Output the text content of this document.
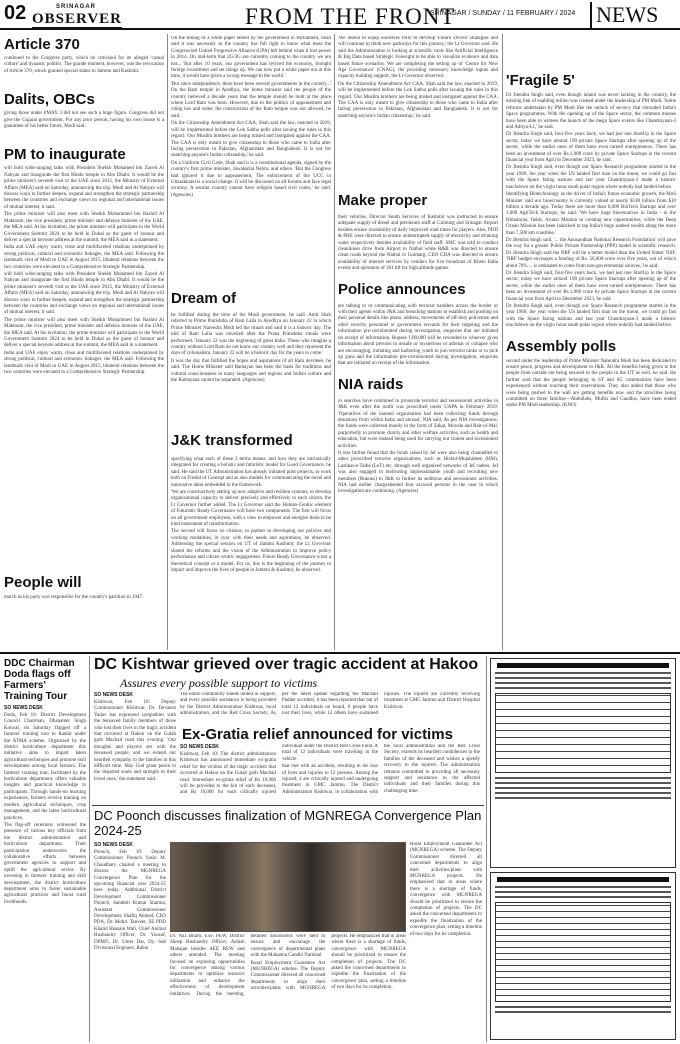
02	SRINAGAR
OBSERVER	FROM THE FRONT
SRINAGAR / SUNDAY / 11 FEBRUARY / 2024 NEWS
Article 370

continued to the Congress party, which he criticised for its alleged 'casual culture' and dynastic politics. The grande moment, however, was the revocation of Article 370, which granted special status to Jammu and Kashmir.

Dalits, OBCs

giving those under PMAY, I did not see such a huge figure. Congress did not give the Gujarat government. For any poor person, having his own house is a guarantee of his better future, Modi said.

PM to inaugurate

will hold wide-ranging talks with President Sheikh Mohamed bin Zayed Al Nahyan and inaugurate the first Hindu temple in Abu Dhabi. It would be the prime minister's seventh visit to the UAE since 2015, the Ministry of External Affairs (MEA) said on Saturday, announcing the trip. Modi and Al Nahyan will discuss ways to further deepen, expand and strengthen the strategic partnership between the countries and exchange views on regional and international issues of mutual interest, it said.

The prime minister will also meet with Sheikh Mohammed bin Rashid Al Maktoum, the vice president, prime minister and defence minister of the UAE, the MEA said. At his invitation, the prime minister will participate in the World Government Summit 2024 to be held in Dubai as the guest of honour and deliver a special keynote address at the summit, the MEA said in a statement.

India and UAE enjoy warm, close and multifaceted relations underpinned by strong political, cultural and economic linkages, the MEA said. Following the landmark visit of Modi to UAE in August 2015, bilateral relations between the two countries were elevated to a Comprehensive Strategic Partnership.

will hold wide-ranging talks with President Sheikh Mohamed bin Zayed Al Nahyan and inaugurate the first Hindu temple in Abu Dhabi. It would be the prime minister's seventh visit to the UAE since 2015, the Ministry of External Affairs (MEA) said on Saturday, announcing the trip. Modi and Al Nahyan will discuss ways to further deepen, expand and strengthen the strategic partnership between the countries and exchange views on regional and international issues of mutual interest, it said.

The prime minister will also meet with Sheikh Mohammed bin Rashid Al Maktoum, the vice president, prime minister and defence minister of the UAE, the MEA said. At his invitation, the prime minister will participate in the World Government Summit 2024 to be held in Dubai as the guest of honour and deliver a special keynote address at the summit, the MEA said in a statement.

India and UAE enjoy warm, close and multifaceted relations underpinned by strong political, cultural and economic linkages, the MEA said. Following the landmark visit of Modi to UAE in August 2015, bilateral relations between the two countries were elevated to a Comprehensive Strategic Partnership.

People will

march as his party was responsible for the country's partition in 1947.

On the timing of a white paper tabled by the government in Parliament, Shah said it was necessary as the country has full right to know what mess the Congress-led United Progressive Alliance (UPA) left behind when it lost power in 2014. On mid-term that 2G/3G are currently coming to the country we are not... 'But after 10 years, our government has revived the economy, brought foreign investment and set things up. We can now put a white paper out at this time, it would have given a wrong message to the world.'

'But since independence, there have been several governments in the country...' On the Ram temple in Ayodhya, the home minister said the people of the country believed a decade years that the temple should be built at the place where Lord Ram was born. However, due to the politics of appeasement and citing law and order, the construction of the Ram temple was not allowed, he said.

On the Citizenship Amendment Act CAA, Shah said the law, enacted in 2019, will be implemented before the Lok Sabha polls after issuing the rules in this regard. 'Our Muslim brothers are being misled and instigated against the CAA. The CAA is only meant to give citizenship to those who came to India after facing persecution in Pakistan, Afghanistan and Bangladesh. It is not for snatching anyone's Indian citizenship,' he said.

On a Uniform Civil Code, Shah said it is a constitutional agenda, signed by the country's first prime minister, Jawaharlal Nehru, and others. 'But the Congress had ignored it due to appeasement. The enforcement of the UCC in Uttarakhand is a social change. It will be discussed on all forums and face legal scrutiny. A secular country cannot have religion based civil codes,' he said. (Agencies)

'We intend to equip ourselves fully to develop 'Future Driven' strategies and will continue to think new pathways for this journey,' the Lt Governor said. He said the Administration is looking at scientific tools like Artificial Intelligence & Big Data based Strategic Foresight to be able to visualize evidence and data based future scenarios. We are completing the setting up of 'Centre for New Age Governance' (CNAG), the providing necessary knowledge inputs and capacity building support, the Lt Governor observed.

On the Citizenship Amendment Act CAA, Shah said the law, enacted in 2019, will be implemented before the Lok Sabha polls after issuing the rules in this regard. 'Our Muslim brothers are being misled and instigated against the CAA. The CAA is only meant to give citizenship to those who came to India after facing persecution in Pakistan, Afghanistan and Bangladesh. It is not for snatching anyone's Indian citizenship,' he said.

Dream of

be fulfilled during the time of the Modi government, he said. Amit Shah referred to Prime Pratishtha of Ram Lalla in Ayodhya on January 22 in which Prime Minister Narendra Modi led the rituals and said it is a historic day. The idol of Ram Lalla was unveiled after the Prana Pratishtha rituals were performed. 'January 22 was the beginning of great India. Those who imagine a country without Lord Ram do not know our country well and they represent the days of colonialism. January 22 will be a historic day for the years to come.'

It was the day that fulfilled the hopes and aspirations of all Ram devotees, he said. The Home Minister said Ramayan has been the basis for traditions and cultural consciousness in many languages and regions and India's culture and the Ramayana cannot be separated. (Agencies)

J&K transformed

specifying what each of these 3 terms means, and how they are intrinsically integrated for creating a holistic and futuristic model for Good Governance, he said. He said the UT Administration has already initiated pilot projects, to work both on Freshd of Concept and as also models for communicating the novel and innovative ideas embedded in the framework.

'We are constructively setting up new adaptive and resilient systems, to develop organizational capacity to deliver precisely and effectively to each citizen, the Lt Governor further added. The Lt Governor said the Human-Centric element of Futuristic Ready Governance will have two components. The first will focus on all government employees, with a view to empower and energise them to be kind instrument of transformation.

The second will focus on citizens, to partner in developing our policies and working modalities, in sync with their needs and aspirations, he observed. Addressing the special session on UT of Jammu Kashmir, the Lt Governor shared the reforms and the vision of the Administration to improve policy performance and citizen centric engagement. Future Ready Governance is not a theoretical concept or a model. For us, this is the beginning of the journey to impact and improve the lives of people in Jammu & Kashmir, he observed.

Make proper

their vehicles. Director South Services of Kashmir was instructed to ensure adequate supply of diesel and petroleum stuff at Gulmarg and Srinagar Airport besides ensure availability of daily improved road times for players. Also, PDD & PHE were directed to ensure uninterrupted supply of electricity and drinking water respectively besides availability of field staff. SMC was told to conduct cleanliness drive from Airport to Nathul while R&B was directed to ensure clean roads beyond the Nathul to Gulmarg. CEO GDA was directed to ensure availability of internet services by vendors for live broadcast of Khelo India events and operation of 181 lift for high altitude games.

Police announces

are talking to or communicating with terrorist handlers across the border or with their agents within J&K and breaching stations to establish and pushing on their personal details like photo, address, movements of off-duty policemen and other security personnel or government servants for their targeting and the information pre-corroborated during investigation, enquiries that are initiated on receipt of information. Rupees 1,00,000 will be rewarded to whoever gives information about persons in unsafe or mysterious or adrenal or collapse who are encouraging, initiating and harboring youth to join terrorist ranks or to pick up guns and the information pre-corroborated during investigation, enquiries that are initiated on receipt of the information.

NIA raids

in searches have continued to prosecute terrorist and secessionist activities in J&K even after the outfit was proscribed under UAPA in February 2019. 'Operatives of the banned organisation had been collecting funds through donations from within India and abroad,' NIA said. As per NIA investigations, the funds were collected mainly in the form of Zakat, Mowda and Bait-ul-Mal, purportedly to promote charity and other welfare activities, such as health and education, but were instead being used for carrying out violent and secessionist activities.

It was further found that the funds raised by JeI were also being channelled to other proscribed terrorist organizations, such as Hizbul-Mujahideen (HM), Lashkar-e-Taiba (LeT) etc, through well organized networks of JeI cadres. JeI was also engaged in motivating impressionable youth and recruiting new members (Rukuns) in J&K to further its seditious and secessionist activities. NIA had earlier chargesheeted four accused persons in the case in which investigation are continuing. (Agencies)

'Fragile 5'

Dr Jitendra Singh said, even though inland was never lacking in the country, the missing link of enabling milieu was created under the leadership of PM Modi. 'Some reforms undertaken by PM Modi like the unlock of secrecy that shrouded India's Space programmes. With the opening up of the Space sector, the common masses have been able to witness the launch of the mega Space events like Chandrayaan-3 and Aditya-L1,' he said.

Dr Jitendra Singh said, four-five years back, we had just one StartUp in the Space sector, today we have around 190 private Space Startups after opening up of the sector, while the earlier ones of them have even turned entrepreneurs. There has been an investment of over Rs.1,000 crore by private Space Startups in the current financial year from April to December 2023, he said.

Dr Jitendra Singh said, even though our Space Research programme started in the year 1969, the year when the US landed first man on the moon, we could go fast with the Space faring nations and last year Chandrayaan-3 made a historic touchdown on the virgin lunar south polar region where nobody had landed before.

Identifying Biotechnology as the driver of India's future economic growth, the MoS Minister said our bioeconomy is currently valued at nearly $140 billion from $10 billion a decade ago. Today there are more than 6,000 BioTech Startups and over 3,000 AgriTech Startups, he said. 'We have huge bioresources in India - in the Himalayas, fields, Arunai Mission to creating new opportunities, while the Deep Ocean Mission has been launched to tap India's huge seabed wealth along the more than 7,500 km coastline.'

Dr Jitendra Singh said, '... the Anusandhan National Research Foundation' will pave the way for a greater Public Private Partnership (PPP) model in scientific research. Dr Jitendra Singh said the NRF will be a better model than the United States' NSF. 'NRF budget envisages a funding of Rs. 50,000 crore over five years, out of which about 70% ... is estimated to come from non-governmental sources,' he said.

Dr Jitendra Singh said, four-five years back, we had just one StartUp in the Space sector, today we have around 190 private Space Startups after opening up of the sector, while the earlier ones of them have even turned entrepreneurs. There has been an investment of over Rs.1,000 crore by private Space Startups in the current financial year from April to December 2023, he said.

Dr Jitendra Singh said, even though our Space Research programme started in the year 1969, the year when the US landed first man on the moon, we could go fast with the Space faring nations and last year Chandrayaan-3 made a historic touchdown on the virgin lunar south polar region where nobody had landed before.

Assembly polls

second under the leadership of Prime Minister Narendra Modi has been dedicated to ensure peace, progress and development in J&K. All the benefits being given to the people from outside are being ensured to the people in the UT as well, he said. He further said that the people belonging to ST and SC communities have been experienced without touching their reservations. They also added that those who were being pushed to the wall are getting benefits now and the atrocities being committed on three families—Abdullahs, Muftis and Gandhis, have been ended under PM Modi leadership. (KNO)

DDC Chairman Doda flags off Farmers' Training Tour
SO NEWS DESK

Doda, Feb 10: District Development Council Chairman, Dhananter Singh Kotwal, on Saturday flagged off a farmers' training tour to Ranbir under the ATMA scheme. Organized by the district horticulture department this initiative aims to impart latest agricultural techniques and promote skill development among local farmers. The farmers' training tour, facilitated by the horticulture department, offers valuable insights and practical knowledge to participants. Through hands-on learning experiences, farmers receive training on modern agricultural techniques, crop management, and the latest horticultural practices.

The flag-off ceremony witnessed the presence of various key officials from the district administration and horticulture department. Their participation underscores the collaborative efforts between government agencies to support and uplift the agricultural sector. By investing in farmers' training and skill development, the district horticulture department aims to foster sustainable agricultural practices and boost rural livelihoods.

DC Kishtwar grieved over tragic accident at Hakoo
Assures every possible support to victims
SO NEWS DESK

Kishtwar, Feb 10: Deputy Commissioner Kishtwar, Dr. Devansh Yadav has expressed sympathies with the bereaved family members of those who lost their lives in the tragic accident that occurred at Hakoo on the Gulab garh Machail road this evening. 'Our thoughts and prayers are with the deceased people, and we extend our heartfelt sympathy to the families in this difficult time. May God grant peace to the departed souls and strength to their loved ones,' the statement said.

The entire community stands united in support, and every possible assistance is being provided by the District Administration Kishtwar, local administration, and the Red Cross Society. As per the latest update regarding the Machail Padder accident, it has been reported that out of total 12 individuals on board, 6 people have lost their lives, while 12 others have sustained injuries. The injured are currently receiving treatment at GMC Jammu and District Hospital Kishtwar.

Ex-Gratia relief announced for victims
SO NEWS DESK

Kishtwar, Feb 10: The district administration Kishtwar has announced immediate ex-gratia relief for the victims of the tragic accident that occurred at Hakoo on the Gulab garh Machail road. Immediate ex-gratia relief of Rs 10,000 will be provided to the kin of each deceased, and Rs 10,000 for each critically injured individual under the District Red Cross Fund. A total of 12 individuals were traveling in the vehicle

that met with an accident, resulting in the loss of lives and injuries to 12 persons. Among the injured, 4 are critically injured and undergoing treatment in GMC Jammu. The District Administration Kishtwar, in collaboration with the local administration and the Red Cross Society, extends its heartfelt condolences to the families of the deceased and wishes a speedy recovery to the injured. The administration remains committed to providing all necessary support and assistance to the affected individuals and their families during this challenging time.

DC Poonch discusses finalization of MGNREGA Convergence Plan 2024-25
SO NEWS DESK

Poonch, Feb 10: Deputy Commissioner Poonch Yasin M. Choudhary chaired a meeting to discuss the MGNREGA Convergence Plan for the upcoming financial year 2024-25 here today. Additional District Development Commissioner Poonch, Sandesh Kumar Sharma, Assistant Commissioner Development, Shafiq Ahmed, CEO PDA, Dr. Mohd. Tanveer, SE PDD Khalid Hussain Wali, Chief Animal Husbandry Officer, Dr. Yousuf, DPMO, Dr. Umer Dar, Dy. Sub Divisional Engineer, Rabia

Dr. Naz Bharti, Exe. PEW, District Sheep Husbandry Officer, Ashish Mahajan besides AEE REW and others attended. The meeting focused on exploring opportunities for convergence among various departments to optimize resource utilization and enhance the effectiveness of development initiatives. During the meeting, detailed discussions were held to ensure and encourage the convergence of departmental plans with the Mahatma Gandhi National

Rural Employment Guarantee Act (MGNREGA) scheme. The Deputy Commissioner directed all concerned departments to align their activities/plans with MGNREGA projects. He emphasized that in areas where there is a shortage of funds, convergence with MGNREGA should be prioritized to ensure the completion of projects. The DC asked the concerned departments to expedite the finalization of the convergence plan, setting a timeline of two days for its completion.

Rural Employment Guarantee Act (MGNREGA) scheme. The Deputy Commissioner directed all concerned departments to align their activities/plans with MGNREGA projects. He emphasized that in areas where there is a shortage of funds, convergence with MGNREGA should be prioritized to ensure the completion of projects. The DC asked the concerned departments to expedite the finalization of the convergence plan, setting a timeline of two days for its completion.
